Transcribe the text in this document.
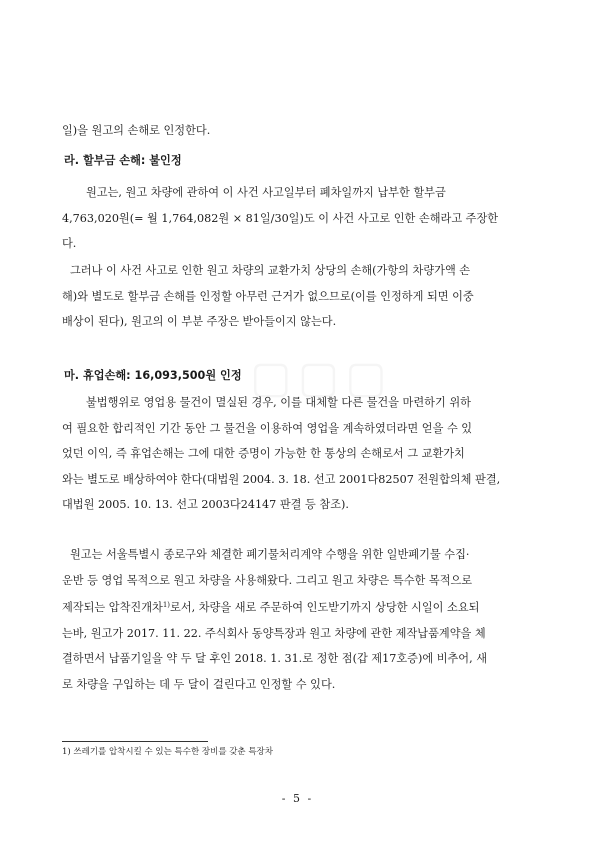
일)을 원고의 손해로 인정한다.
라. 할부금 손해: 불인정
원고는, 원고 차량에 관하여 이 사건 사고일부터 폐차일까지 납부한 할부금
4,763,020원(= 월 1,764,082원 × 81일/30일)도 이 사건 사고로 인한 손해라고 주장한
다.
그러나 이 사건 사고로 인한 원고 차량의 교환가치 상당의 손해(가항의 차량가액 손
해)와 별도로 할부금 손해를 인정할 아무런 근거가 없으므로(이를 인정하게 되면 이중
배상이 된다), 원고의 이 부분 주장은 받아들이지 않는다.
마. 휴업손해: 16,093,500원 인정
불법행위로 영업용 물건이 멸실된 경우, 이를 대체할 다른 물건을 마련하기 위하
여 필요한 합리적인 기간 동안 그 물건을 이용하여 영업을 계속하였더라면 얻을 수 있
었던 이익, 즉 휴업손해는 그에 대한 증명이 가능한 한 통상의 손해로서 그 교환가치
와는 별도로 배상하여야 한다(대법원 2004. 3. 18. 선고 2001다82507 전원합의체 판결,
대법원 2005. 10. 13. 선고 2003다24147 판결 등 참조).
원고는 서울특별시 종로구와 체결한 폐기물처리계약 수행을 위한 일반폐기물 수집·
운반 등 영업 목적으로 원고 차량을 사용해왔다. 그리고 원고 차량은 특수한 목적으로
제작되는 압착진개차$^{1)}$로서, 차량을 새로 주문하여 인도받기까지 상당한 시일이 소요되
는바, 원고가 2017. 11. 22. 주식회사 동양특장과 원고 차량에 관한 제작납품계약을 체
결하면서 납품기일을 약 두 달 후인 2018. 1. 31.로 정한 점(갑 제17호증)에 비추어, 새
로 차량을 구입하는 데 두 달이 걸린다고 인정할 수 있다.
1) 쓰레기를 압착시킬 수 있는 특수한 장비를 갖춘 특장차
- 5 -
